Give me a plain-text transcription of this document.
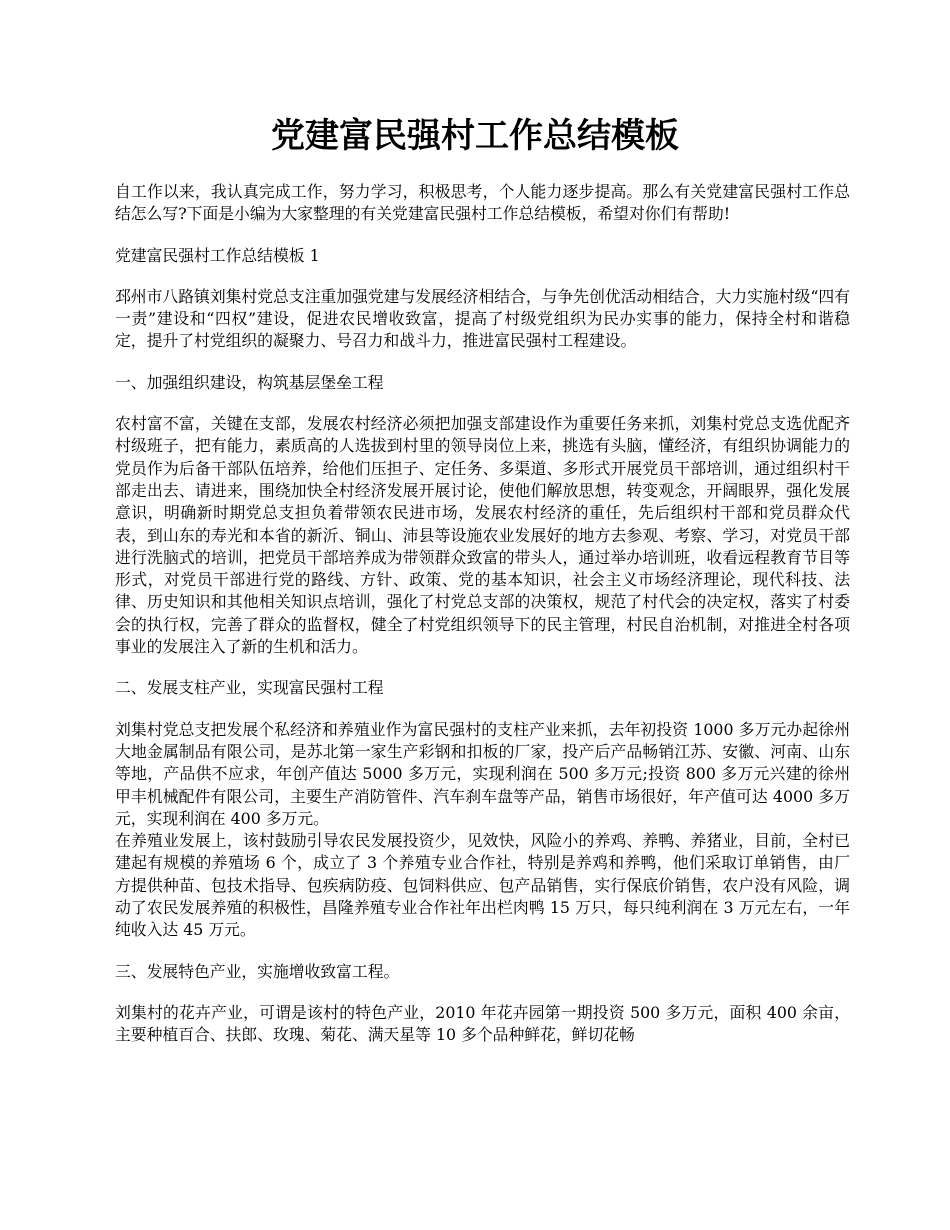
党建富民强村工作总结模板

自工作以来，我认真完成工作，努力学习，积极思考，个人能力逐步提高。那么有关党建富民强村工作总结怎么写?下面是小编为大家整理的有关党建富民强村工作总结模板，希望对你们有帮助!

党建富民强村工作总结模板 1

邳州市八路镇刘集村党总支注重加强党建与发展经济相结合，与争先创优活动相结合，大力实施村级“四有一责”建设和“四权”建设，促进农民增收致富，提高了村级党组织为民办实事的能力，保持全村和谐稳定，提升了村党组织的凝聚力、号召力和战斗力，推进富民强村工程建设。

一、加强组织建设，构筑基层堡垒工程

农村富不富，关键在支部，发展农村经济必须把加强支部建设作为重要任务来抓，刘集村党总支选优配齐村级班子，把有能力，素质高的人选拔到村里的领导岗位上来，挑选有头脑，懂经济，有组织协调能力的党员作为后备干部队伍培养，给他们压担子、定任务、多渠道、多形式开展党员干部培训，通过组织村干部走出去、请进来，围绕加快全村经济发展开展讨论，使他们解放思想，转变观念，开阔眼界，强化发展意识，明确新时期党总支担负着带领农民进市场，发展农村经济的重任，先后组织村干部和党员群众代表，到山东的寿光和本省的新沂、铜山、沛县等设施农业发展好的地方去参观、考察、学习，对党员干部进行洗脑式的培训，把党员干部培养成为带领群众致富的带头人，通过举办培训班，收看远程教育节目等形式，对党员干部进行党的路线、方针、政策、党的基本知识，社会主义市场经济理论，现代科技、法律、历史知识和其他相关知识点培训，强化了村党总支部的决策权，规范了村代会的决定权，落实了村委会的执行权，完善了群众的监督权，健全了村党组织领导下的民主管理，村民自治机制，对推进全村各项事业的发展注入了新的生机和活力。

二、发展支柱产业，实现富民强村工程

刘集村党总支把发展个私经济和养殖业作为富民强村的支柱产业来抓，去年初投资 1000 多万元办起徐州大地金属制品有限公司，是苏北第一家生产彩钢和扣板的厂家，投产后产品畅销江苏、安徽、河南、山东等地，产品供不应求，年创产值达 5000 多万元，实现利润在 500 多万元;投资 800 多万元兴建的徐州甲丰机械配件有限公司，主要生产消防管件、汽车刹车盘等产品，销售市场很好，年产值可达 4000 多万元，实现利润在 400 多万元。

在养殖业发展上，该村鼓励引导农民发展投资少，见效快，风险小的养鸡、养鸭、养猪业，目前，全村已建起有规模的养殖场 6 个，成立了 3 个养殖专业合作社，特别是养鸡和养鸭，他们采取订单销售，由厂方提供种苗、包技术指导、包疾病防疫、包饲料供应、包产品销售，实行保底价销售，农户没有风险，调动了农民发展养殖的积极性，昌隆养殖专业合作社年出栏肉鸭 15 万只，每只纯利润在 3 万元左右，一年纯收入达 45 万元。

三、发展特色产业，实施增收致富工程。

刘集村的花卉产业，可谓是该村的特色产业，2010 年花卉园第一期投资 500 多万元，面积 400 余亩，主要种植百合、扶郎、玫瑰、菊花、满天星等 10 多个品种鲜花，鲜切花畅
